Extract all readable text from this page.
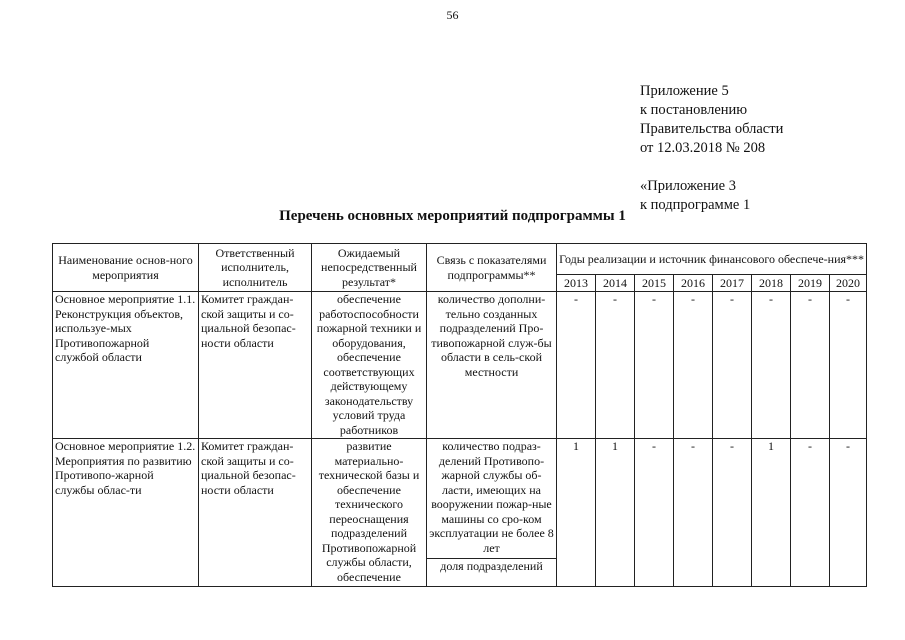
56
Приложение 5
к постановлению
Правительства области
от 12.03.2018 № 208
«Приложение 3
к подпрограмме 1
Перечень основных мероприятий подпрограммы 1
Наименование основ-ного мероприятия	Ответственный исполнитель, исполнитель	Ожидаемый непосредственный результат*	Связь с показателями подпрограммы**	Годы реализации и источник финансового обеспече-ния***							
				2013	2014	2015	2016	2017	2018	2019	2020
Основное мероприятие 1.1. Реконструкция объектов, используе-мых Противопожарной службой области	Комитет граждан-ской защиты и со-циальной безопас-ности области	обеспечение работоспособности пожарной техники и оборудования, обеспечение соответствующих действующему законодательству условий труда работников	количество дополни-тельно созданных подразделений Про-тивопожарной служ-бы области в сель-ской местности	-	-	-	-	-	-	-	-
Основное мероприятие 1.2. Мероприятия по развитию Противопо-жарной службы облас-ти	Комитет граждан-ской защиты и со-циальной безопас-ности области	развитие материально-технической базы и обеспечение технического переоснащения подразделений Противопожарной службы области, обеспечение	количество подраз-делений Противопо-жарной службы об-ласти, имеющих на вооружении пожар-ные машины со сро-ком эксплуатации не более 8 лет	1	1	-	-	-	1	-	-
			доля подразделений								
